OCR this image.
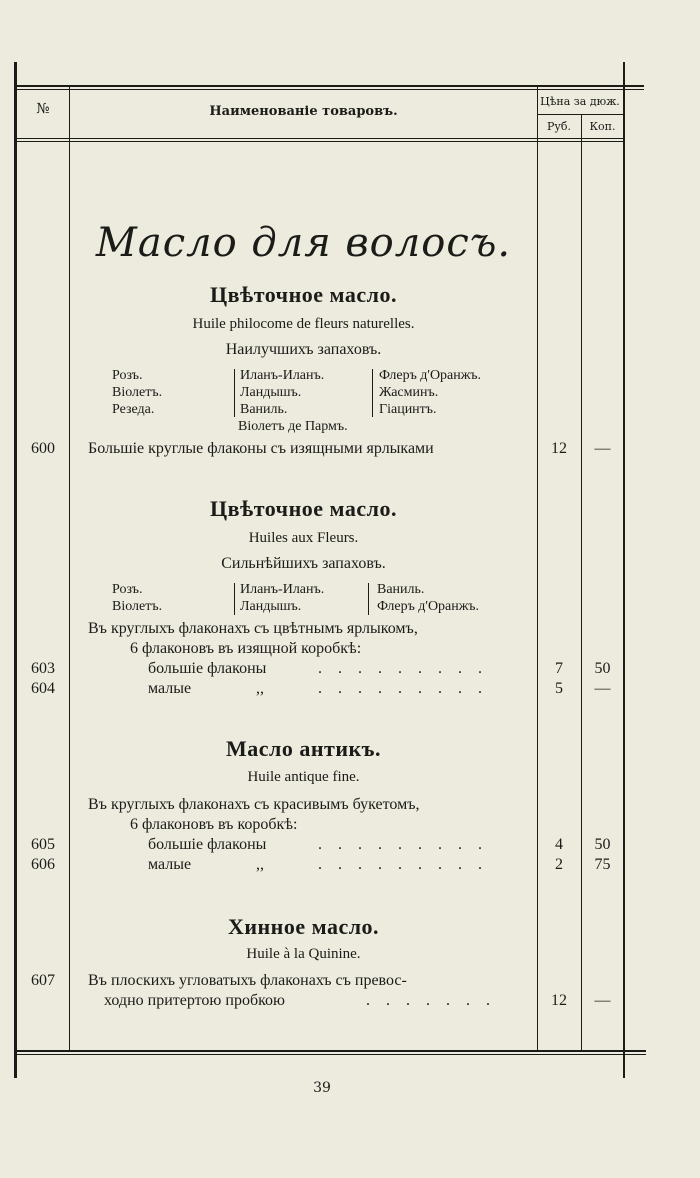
№	Наименованіе товаровъ.
Цѣна за дюж.
Руб.	Коп.
Масло для волосъ.
Цвѣточное масло.
Huile philocome de fleurs naturelles.
Наилучшихъ запаховъ.
Розъ.
Віолетъ.
Резеда.
Иланъ-Иланъ.
Ландышъ.
Ваниль.
Флеръ д'Оранжъ.
Жасминъ.
Гіацинтъ.
Віолетъ де Пармъ.
600	Большіе круглые флаконы съ изящными ярлыками	12	—
Цвѣточное масло.
Huiles aux Fleurs.
Сильнѣйшихъ запаховъ.
Розъ.
Віолетъ.
Иланъ-Иланъ.
Ландышъ.
Ваниль.
Флеръ д'Оранжъ.
Въ круглыхъ флаконахъ съ цвѣтнымъ ярлыкомъ,
6 флаконовъ въ изящной коробкѣ:
603	большіе флаконы	. . . . . . . . .	7	50
604	малые	,,	. . . . . . . . .	5	—
Масло антикъ.
Huile antique fine.
Въ круглыхъ флаконахъ съ красивымъ букетомъ,
6 флаконовъ въ коробкѣ:
605	большіе флаконы	. . . . . . . . .	4	50
606	малые	,,	. . . . . . . . .	2	75
Хинное масло.
Huile à la Quinine.
607	Въ плоскихъ угловатыхъ флаконахъ съ превос-
ходно притертою пробкою	. . . . . . .	12	—
39
